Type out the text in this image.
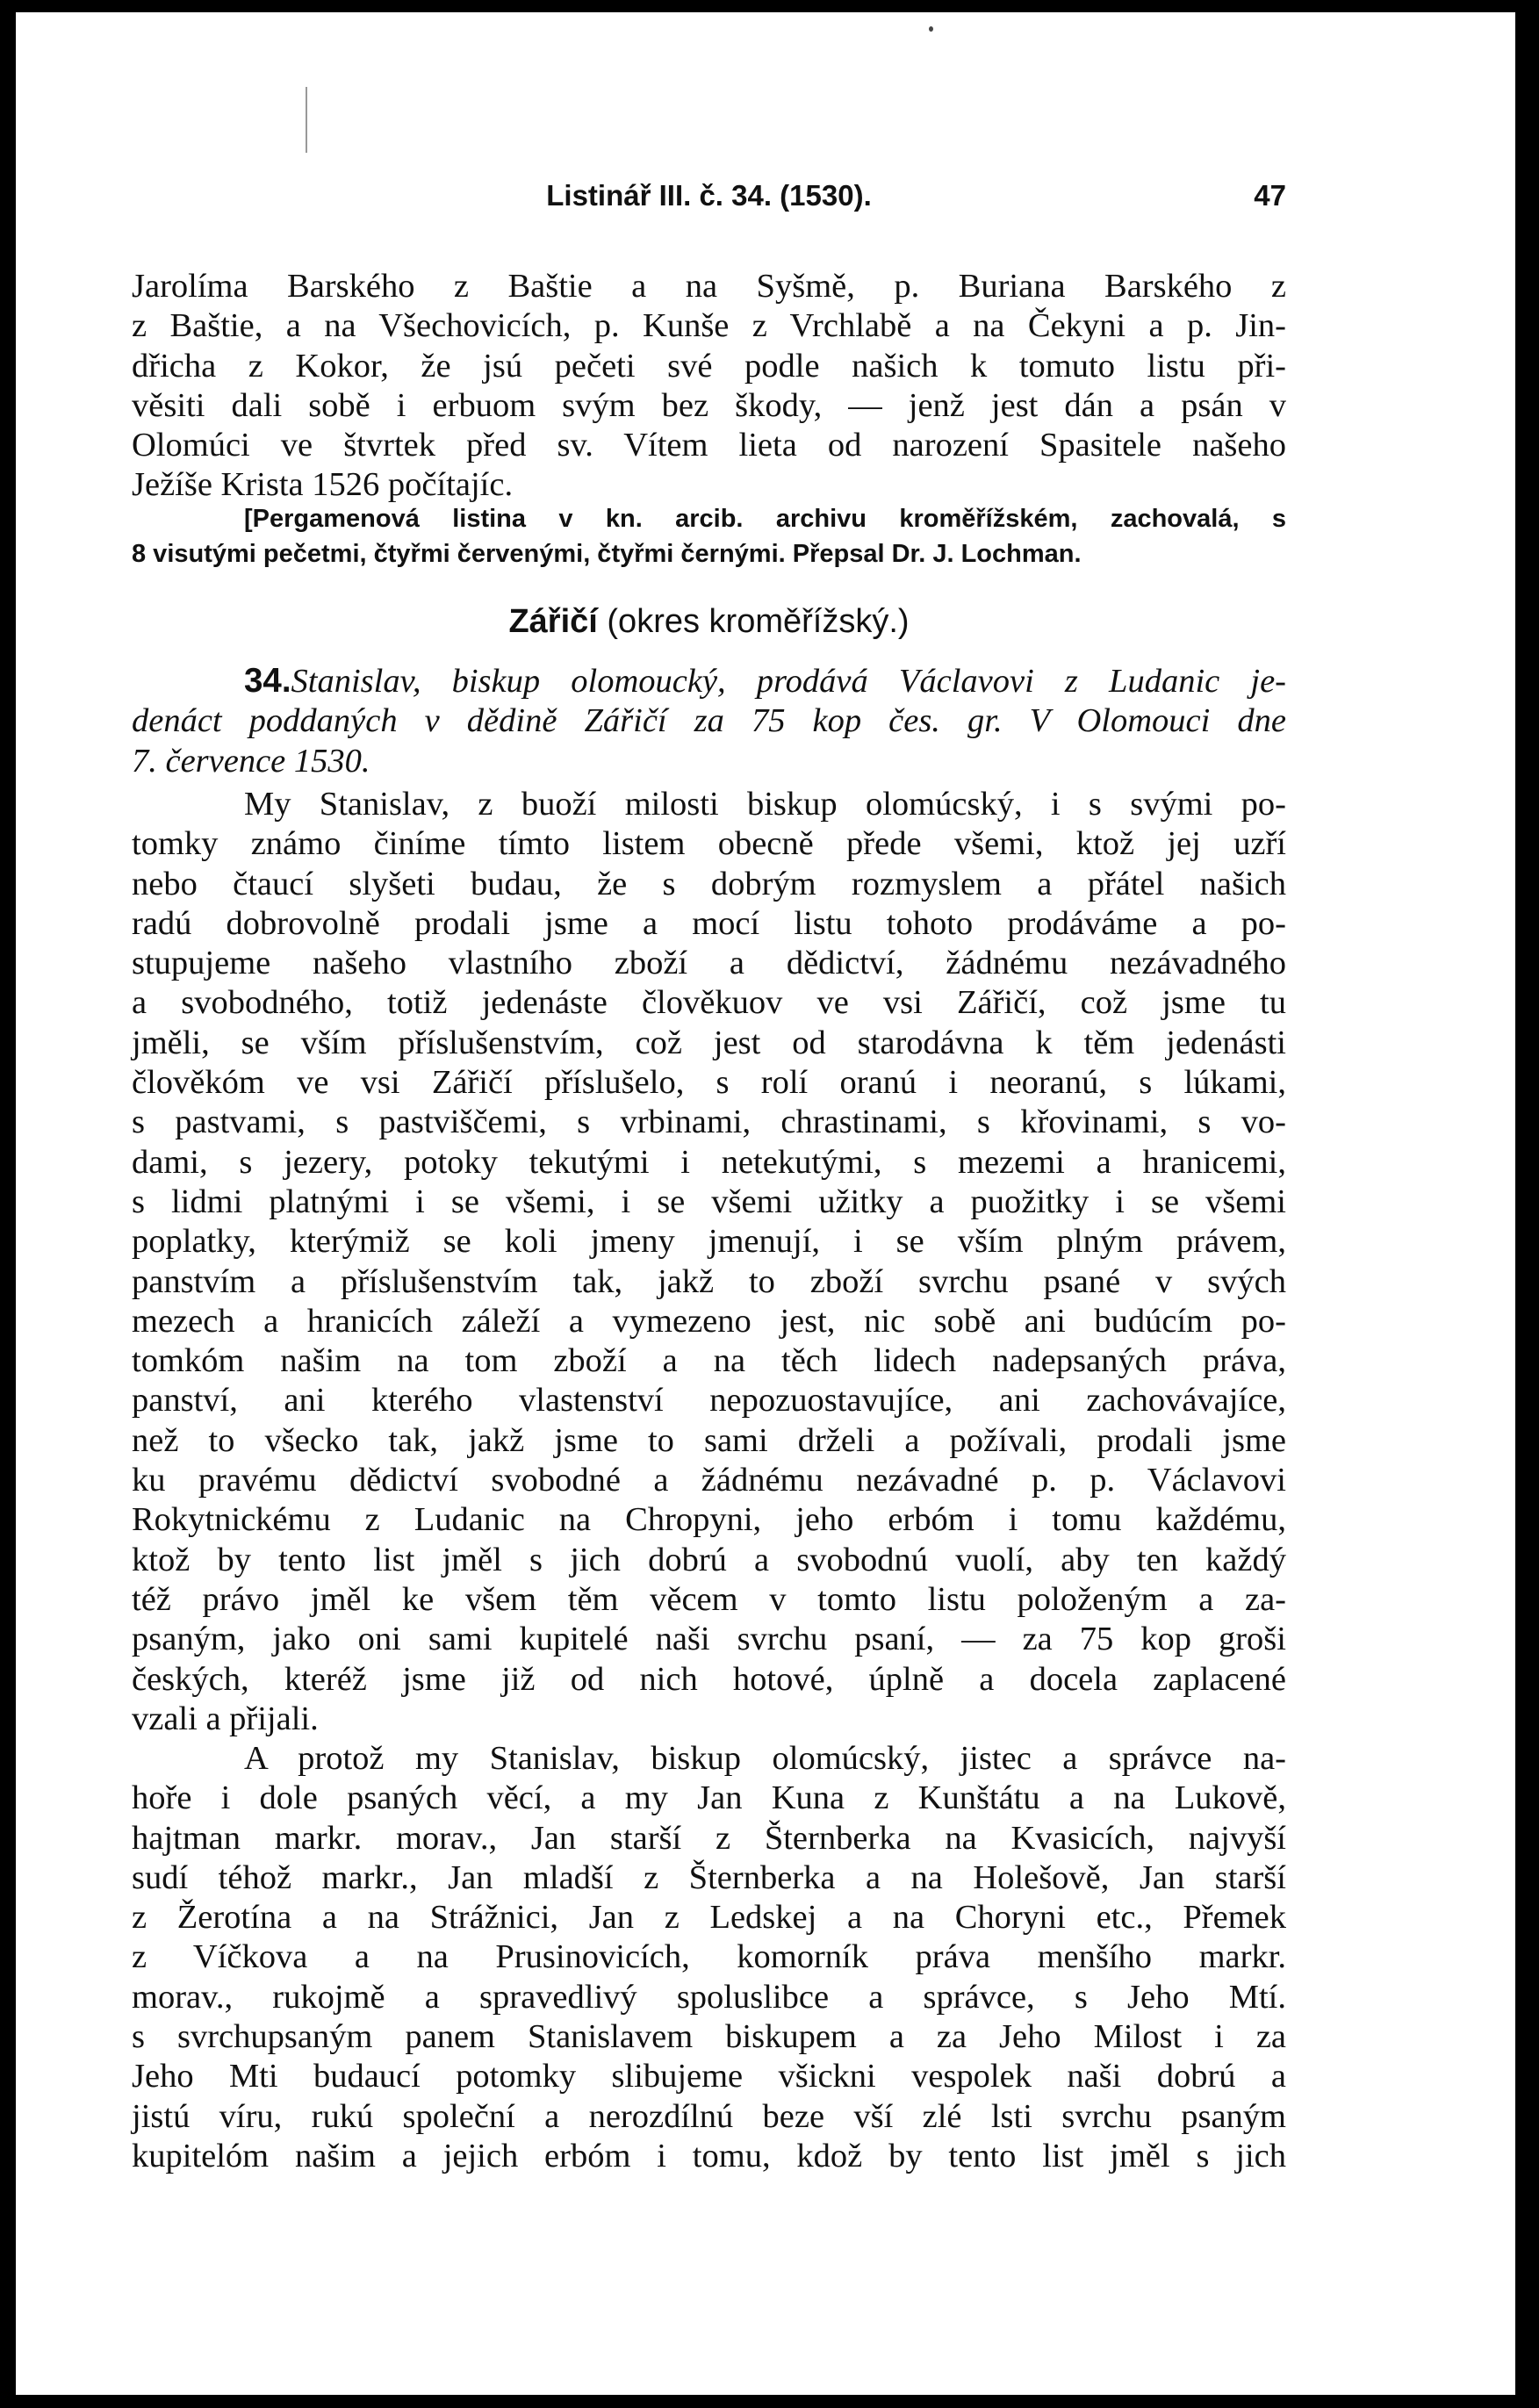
Listinář III. č. 34. (1530).	47

Jarolíma Barského z Baštie a na Syšmě, p. Buriana Barského z
z Baštie, a na Všechovicích, p. Kunše z Vrchlabě a na Čekyni a p. Jin-
dřicha z Kokor, že jsú pečeti své podle našich k tomuto listu při-
věsiti dali sobě i erbuom svým bez škody, — jenž jest dán a psán v
Olomúci ve štvrtek před sv. Vítem lieta od narození Spasitele našeho
Ježíše Krista 1526 počítajíc.

[Pergamenová listina v kn. arcib. archivu kroměřížském, zachovalá, s
8 visutými pečetmi, čtyřmi červenými, čtyřmi černými. Přepsal Dr. J. Lochman.

Zářičí (okres kroměřížský.)

34.Stanislav, biskup olomoucký, prodává Václavovi z Ludanic je-
denáct poddaných v dědině Zářičí za 75 kop čes. gr. V Olomouci dne
7. července 1530.

My Stanislav, z buoží milosti biskup olomúcský, i s svými po-
tomky známo činíme tímto listem obecně přede všemi, ktož jej uzří
nebo čtaucí slyšeti budau, že s dobrým rozmyslem a přátel našich
radú dobrovolně prodali jsme a mocí listu tohoto prodáváme a po-
stupujeme našeho vlastního zboží a dědictví, žádnému nezávadného
a svobodného, totiž jedenáste člověkuov ve vsi Zářičí, což jsme tu
jměli, se vším příslušenstvím, což jest od starodávna k těm jedenásti
člověkóm ve vsi Zářičí příslušelo, s rolí oranú i neoranú, s lúkami,
s pastvami, s pastviščemi, s vrbinami, chrastinami, s křovinami, s vo-
dami, s jezery, potoky tekutými i netekutými, s mezemi a hranicemi,
s lidmi platnými i se všemi, i se všemi užitky a puožitky i se všemi
poplatky, kterýmiž se koli jmeny jmenují, i se vším plným právem,
panstvím a příslušenstvím tak, jakž to zboží svrchu psané v svých
mezech a hranicích záleží a vymezeno jest, nic sobě ani budúcím po-
tomkóm našim na tom zboží a na těch lidech nadepsaných práva,
panství, ani kterého vlastenství nepozuostavujíce, ani zachovávajíce,
než to všecko tak, jakž jsme to sami drželi a požívali, prodali jsme
ku pravému dědictví svobodné a žádnému nezávadné p. p. Václavovi
Rokytnickému z Ludanic na Chropyni, jeho erbóm i tomu každému,
ktož by tento list jměl s jich dobrú a svobodnú vuolí, aby ten každý
též právo jměl ke všem těm věcem v tomto listu položeným a za-
psaným, jako oni sami kupitelé naši svrchu psaní, — za 75 kop groši
českých, kteréž jsme již od nich hotové, úplně a docela zaplacené
vzali a přijali.

A protož my Stanislav, biskup olomúcský, jistec a správce na-
hoře i dole psaných věcí, a my Jan Kuna z Kunštátu a na Lukově,
hajtman markr. morav., Jan starší z Šternberka na Kvasicích, najvyší
sudí téhož markr., Jan mladší z Šternberka a na Holešově, Jan starší
z Žerotína a na Strážnici, Jan z Ledskej a na Choryni etc., Přemek
z Víčkova a na Prusinovicích, komorník práva menšího markr.
morav., rukojmě a spravedlivý spoluslibce a správce, s Jeho Mtí.
s svrchupsaným panem Stanislavem biskupem a za Jeho Milost i za
Jeho Mti budaucí potomky slibujeme všickni vespolek naši dobrú a
jistú víru, rukú společní a nerozdílnú beze vší zlé lsti svrchu psaným
kupitelóm našim a jejich erbóm i tomu, kdož by tento list jměl s jich
